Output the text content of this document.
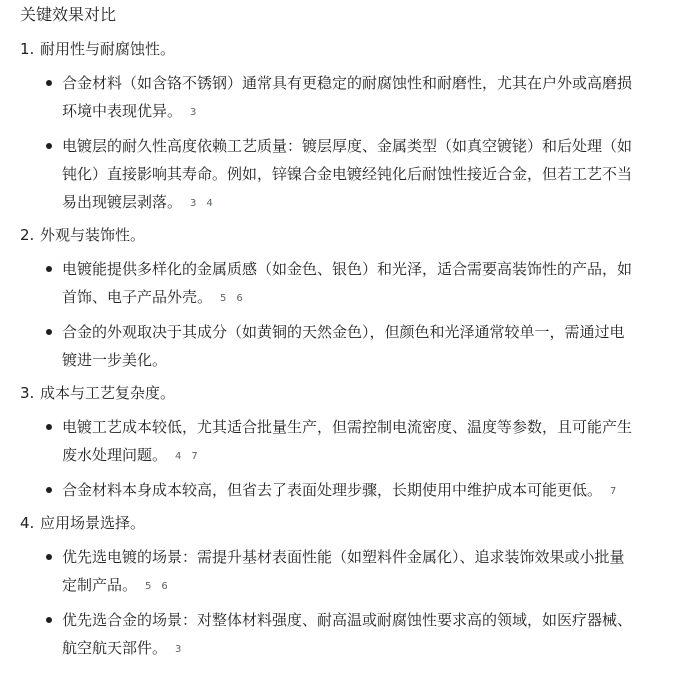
关键效果对比
1. 耐用性与耐腐蚀性。
合金材料（如含铬不锈钢）通常具有更稳定的耐腐蚀性和耐磨性，尤其在户外或高磨损环境中表现优异。 3
电镀层的耐久性高度依赖工艺质量：镀层厚度、金属类型（如真空镀铑）和后处理（如钝化）直接影响其寿命。例如，锌镍合金电镀经钝化后耐蚀性接近合金，但若工艺不当易出现镀层剥落。 3 4
2. 外观与装饰性。
电镀能提供多样化的金属质感（如金色、银色）和光泽，适合需要高装饰性的产品，如首饰、电子产品外壳。 5 6
合金的外观取决于其成分（如黄铜的天然金色），但颜色和光泽通常较单一，需通过电镀进一步美化。
3. 成本与工艺复杂度。
电镀工艺成本较低，尤其适合批量生产，但需控制电流密度、温度等参数，且可能产生废水处理问题。 4 7
合金材料本身成本较高，但省去了表面处理步骤，长期使用中维护成本可能更低。 7
4. 应用场景选择。
优先选电镀的场景：需提升基材表面性能（如塑料件金属化）、追求装饰效果或小批量定制产品。 5 6
优先选合金的场景：对整体材料强度、耐高温或耐腐蚀性要求高的领域，如医疗器械、航空航天部件。 3
